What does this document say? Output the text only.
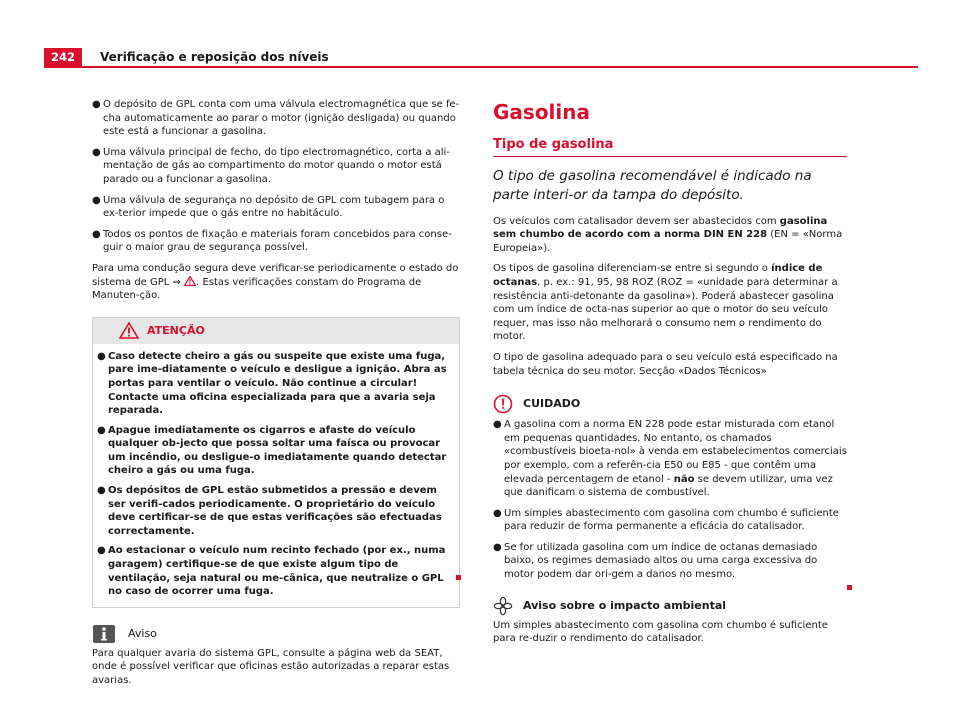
242	Verificação e reposição dos níveis
● O depósito de GPL conta com uma válvula electromagnética que se fe-cha automaticamente ao parar o motor (ignição desligada) ou quando este está a funcionar a gasolina.
● Uma válvula principal de fecho, do tipo electromagnético, corta a ali-mentação de gás ao compartimento do motor quando o motor está parado ou a funcionar a gasolina.
● Uma válvula de segurança no depósito de GPL com tubagem para o ex-terior impede que o gás entre no habitáculo.
● Todos os pontos de fixação e materiais foram concebidos para conse-guir o maior grau de segurança possível.

Para uma condução segura deve verificar-se periodicamente o estado do sistema de GPL ⇒ . Estas verificações constam do Programa de Manuten-ção.

ATENÇÃO
● Caso detecte cheiro a gás ou suspeite que existe uma fuga, pare ime-diatamente o veículo e desligue a ignição. Abra as portas para ventilar o veículo. Não continue a circular! Contacte uma oficina especializada para que a avaria seja reparada.
● Apague imediatamente os cigarros e afaste do veículo qualquer ob-jecto que possa soltar uma faísca ou provocar um incêndio, ou desligue-o imediatamente quando detectar cheiro a gás ou uma fuga.
● Os depósitos de GPL estão submetidos a pressão e devem ser verifi-cados periodicamente. O proprietário do veículo deve certificar-se de que estas verificações são efectuadas correctamente.
● Ao estacionar o veículo num recinto fechado (por ex., numa garagem) certifique-se de que existe algum tipo de ventilação, seja natural ou me-cânica, que neutralize o GPL no caso de ocorrer uma fuga.
Aviso
Para qualquer avaria do sistema GPL, consulte a página web da SEAT, onde é possível verificar que oficinas estão autorizadas a reparar estas avarias.
Gasolina
Tipo de gasolina

O tipo de gasolina recomendável é indicado na parte interi-or da tampa do depósito.

Os veículos com catalisador devem ser abastecidos com gasolina sem chumbo de acordo com a norma DIN EN 228 (EN = «Norma Europeia»).

Os tipos de gasolina diferenciam-se entre si segundo o índice de octanas, p. ex.: 91, 95, 98 ROZ (ROZ = «unidade para determinar a resistência anti-detonante da gasolina»). Poderá abastecer gasolina com um índice de octa-nas superior ao que o motor do seu veículo requer, mas isso não melhorará o consumo nem o rendimento do motor.

O tipo de gasolina adequado para o seu veículo está especificado na tabela técnica do seu motor. Secção «Dados Técnicos»

CUIDADO
● A gasolina com a norma EN 228 pode estar misturada com etanol em pequenas quantidades. No entanto, os chamados «combustíveis bioeta-nol» à venda em estabelecimentos comerciais por exemplo, com a referên-cia E50 ou E85 - que contêm uma elevada percentagem de etanol - não se devem utilizar, uma vez que danificam o sistema de combustível.
● Um simples abastecimento com gasolina com chumbo é suficiente para reduzir de forma permanente a eficácia do catalisador.
● Se for utilizada gasolina com um índice de octanas demasiado baixo, os regimes demasiado altos ou uma carga excessiva do motor podem dar ori-gem a danos no mesmo.
Aviso sobre o impacto ambiental
Um simples abastecimento com gasolina com chumbo é suficiente para re-duzir o rendimento do catalisador.
